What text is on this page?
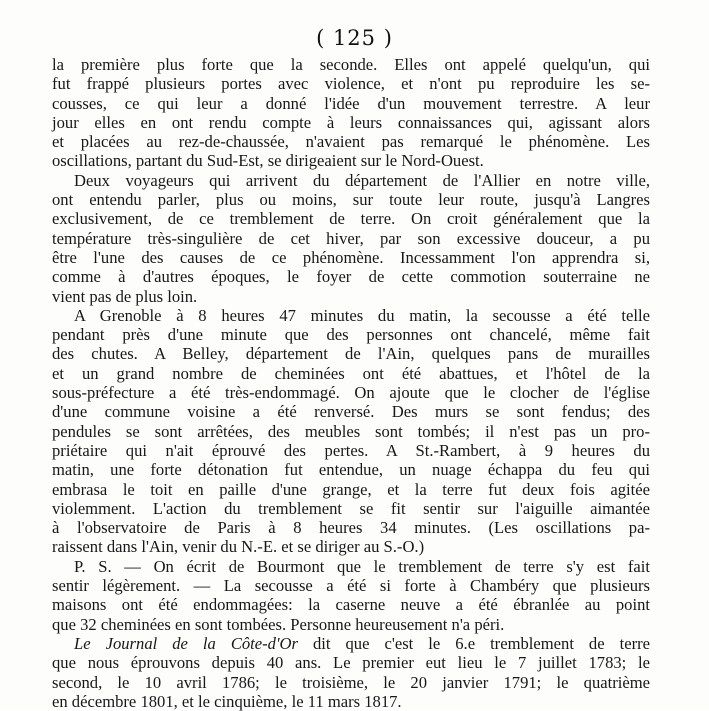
( 125 )
la première plus forte que la seconde. Elles ont appelé quelqu'un, qui
fut frappé plusieurs portes avec violence, et n'ont pu reproduire les se-
cousses, ce qui leur a donné l'idée d'un mouvement terrestre. A leur
jour elles en ont rendu compte à leurs connaissances qui, agissant alors
et placées au rez-de-chaussée, n'avaient pas remarqué le phénomène. Les
oscillations, partant du Sud-Est, se dirigeaient sur le Nord-Ouest.
Deux voyageurs qui arrivent du département de l'Allier en notre ville,
ont entendu parler, plus ou moins, sur toute leur route, jusqu'à Langres
exclusivement, de ce tremblement de terre. On croit généralement que la
température très-singulière de cet hiver, par son excessive douceur, a pu
être l'une des causes de ce phénomène. Incessamment l'on apprendra si,
comme à d'autres époques, le foyer de cette commotion souterraine ne
vient pas de plus loin.
A Grenoble à 8 heures 47 minutes du matin, la secousse a été telle
pendant près d'une minute que des personnes ont chancelé, même fait
des chutes. A Belley, département de l'Ain, quelques pans de murailles
et un grand nombre de cheminées ont été abattues, et l'hôtel de la
sous-préfecture a été très-endommagé. On ajoute que le clocher de l'église
d'une commune voisine a été renversé. Des murs se sont fendus; des
pendules se sont arrêtées, des meubles sont tombés; il n'est pas un pro-
priétaire qui n'ait éprouvé des pertes. A St.-Rambert, à 9 heures du
matin, une forte détonation fut entendue, un nuage échappa du feu qui
embrasa le toit en paille d'une grange, et la terre fut deux fois agitée
violemment. L'action du tremblement se fit sentir sur l'aiguille aimantée
à l'observatoire de Paris à 8 heures 34 minutes. (Les oscillations pa-
raissent dans l'Ain, venir du N.-E. et se diriger au S.-O.)
P. S. — On écrit de Bourmont que le tremblement de terre s'y est fait
sentir légèrement. — La secousse a été si forte à Chambéry que plusieurs
maisons ont été endommagées: la caserne neuve a été ébranlée au point
que 32 cheminées en sont tombées. Personne heureusement n'a péri.
Le Journal de la Côte-d'Or dit que c'est le 6.e tremblement de terre
que nous éprouvons depuis 40 ans. Le premier eut lieu le 7 juillet 1783; le
second, le 10 avril 1786; le troisième, le 20 janvier 1791; le quatrième
en décembre 1801, et le cinquième, le 11 mars 1817.
